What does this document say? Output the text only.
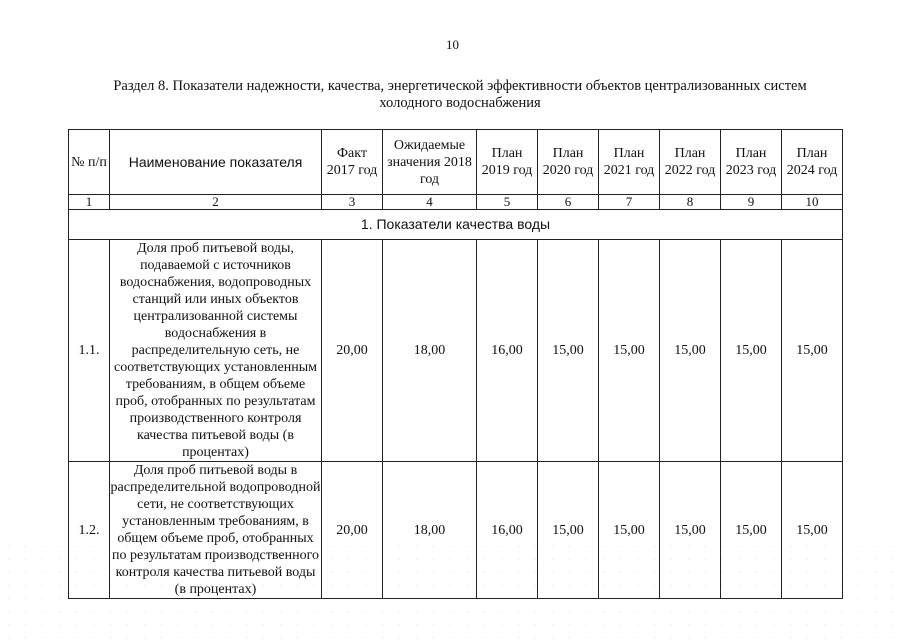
10
Раздел 8. Показатели надежности, качества, энергетической эффективности объектов централизованных систем
холодного водоснабжения
№ п/п	Наименование показателя	Факт 2017 год	Ожидаемые значения 2018 год	План 2019 год	План 2020 год	План 2021 год	План 2022 год	План 2023 год	План 2024 год
1	2	3	4	5	6	7	8	9	10
1. Показатели качества воды									
1.1.	Доля проб питьевой воды, подаваемой с источников водоснабжения, водопроводных станций или иных объектов централизованной системы водоснабжения в распределительную сеть, не соответствующих установленным требованиям, в общем объеме проб, отобранных по результатам производственного контроля качества питьевой воды (в процентах)	20,00	18,00	16,00	15,00	15,00	15,00	15,00	15,00
1.2.	Доля проб питьевой воды в распределительной водопроводной сети, не соответствующих установленным требованиям, в общем объеме проб, отобранных по результатам производственного контроля качества питьевой воды (в процентах)	20,00	18,00	16,00	15,00	15,00	15,00	15,00	15,00
